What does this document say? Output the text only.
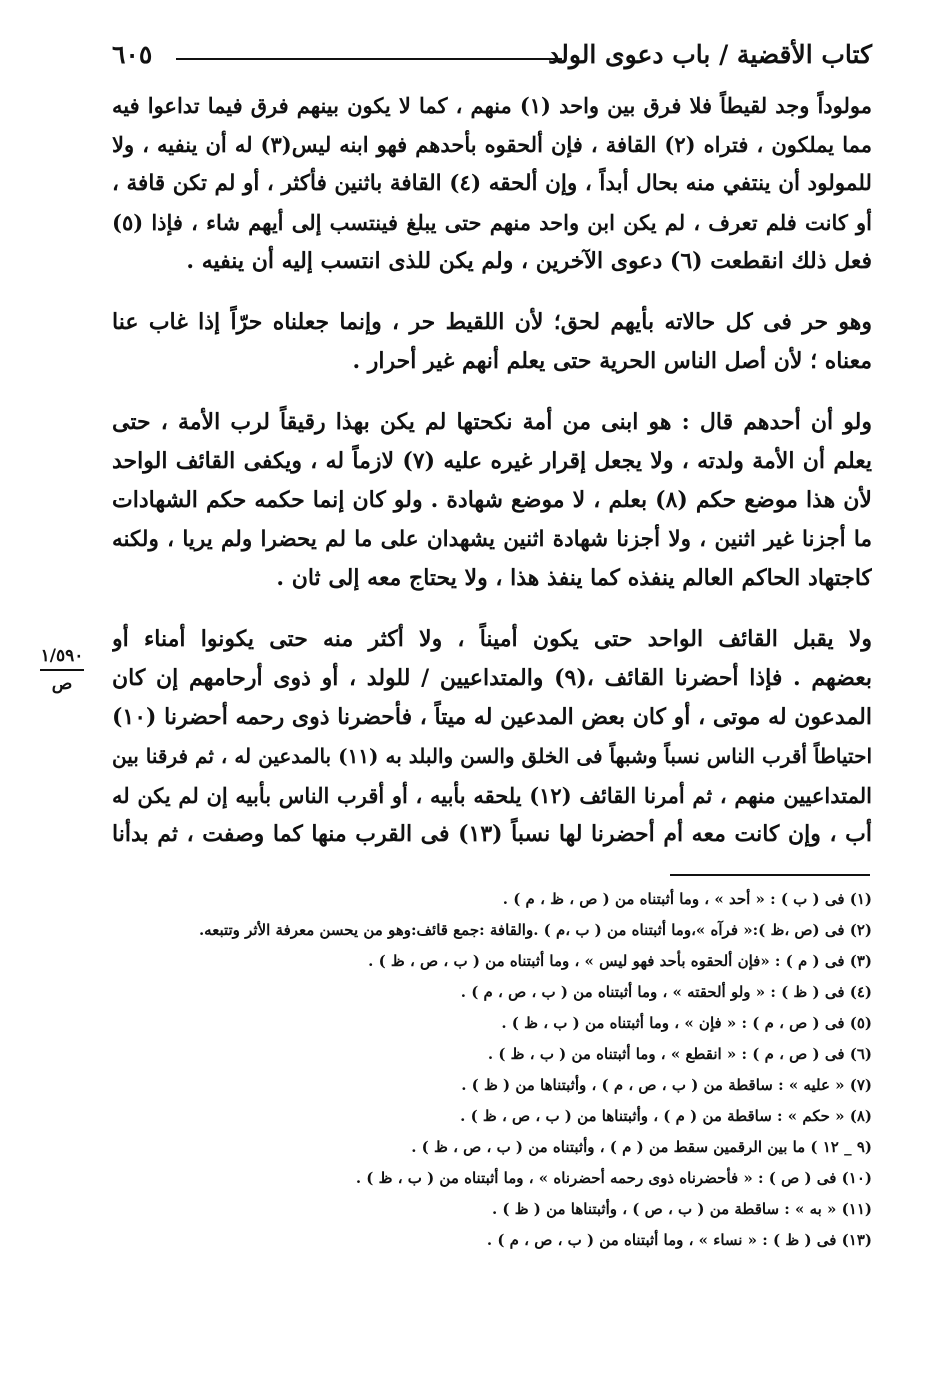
كتاب الأقضية / باب دعوى الولد
٦٠٥

مولوداً وجد لقيطاً فلا فرق بين واحد (١) منهم ، كما لا يكون بينهم فرق فيما تداعوا فيه
مما يملكون ، فتراه (٢) القافة ، فإن ألحقوه بأحدهم فهو ابنه ليس(٣) له أن ينفيه ، ولا
للمولود أن ينتفي منه بحال أبداً ، وإن ألحقه (٤) القافة باثنين فأكثر ، أو لم تكن قافة ،
أو كانت فلم تعرف ، لم يكن ابن واحد منهم حتى يبلغ فينتسب إلى أيهم شاء ، فإذا (٥)
فعل ذلك انقطعت (٦) دعوى الآخرين ، ولم يكن للذى انتسب إليه أن ينفيه .

وهو حر فى كل حالاته بأيهم لحق؛ لأن اللقيط حر ، وإنما جعلناه حرّاً إذا غاب عنا
معناه ؛ لأن أصل الناس الحرية حتى يعلم أنهم غير أحرار .

ولو أن أحدهم قال : هو ابنى من أمة نكحتها لم يكن بهذا رقيقاً لرب الأمة ، حتى
يعلم أن الأمة ولدته ، ولا يجعل إقرار غيره عليه (٧) لازماً له ، ويكفى القائف الواحد
لأن هذا موضع حكم (٨) بعلم ، لا موضع شهادة . ولو كان إنما حكمه حكم الشهادات
ما أجزنا غير اثنين ، ولا أجزنا شهادة اثنين يشهدان على ما لم يحضرا ولم يريا ، ولكنه
كاجتهاد الحاكم العالم ينفذه كما ينفذ هذا ، ولا يحتاج معه إلى ثان .

ولا يقبل القائف الواحد حتى يكون أميناً ، ولا أكثر منه حتى يكونوا أمناء أو
بعضهم . فإذا أحضرنا القائف ،(٩) والمتداعيين / للولد ، أو ذوى أرحامهم إن كان
المدعون له موتى ، أو كان بعض المدعين له ميتاً ، فأحضرنا ذوى رحمه أحضرنا (١٠)
احتياطاً أقرب الناس نسباً وشبهاً فى الخلق والسن والبلد به (١١) بالمدعين له ، ثم فرقنا بين
المتداعيين منهم ، ثم أمرنا القائف (١٢) يلحقه بأبيه ، أو أقرب الناس بأبيه إن لم يكن له
أب ، وإن كانت معه أم أحضرنا لها نسباً (١٣) فى القرب منها كما وصفت ، ثم بدأنا

١/٥٩٠
ص
(١) فى ( ب ) : « أحد » ، وما أثبتناه من ( ص ، ظ ، م ) .
(٢) فى (ص ،ظ ):« فرآه »،وما أثبتناه من ( ب ،م ) .والقافة :جمع قائف:وهو من يحسن معرفة الأثر وتتبعه.
(٣) فى ( م ) : «فإن ألحقوه بأحد فهو ليس » ، وما أثبتناه من ( ب ، ص ، ظ ) .
(٤) فى ( ظ ) : « ولو ألحقته » ، وما أثبتناه من ( ب ، ص ، م ) .
(٥) فى ( ص ، م ) : « فإن » ، وما أثبتناه من ( ب ، ظ ) .
(٦) فى ( ص ، م ) : « انقطع » ، وما أثبتناه من ( ب ، ظ ) .
(٧) « عليه » : ساقطة من ( ب ، ص ، م ) ، وأثبتناها من ( ظ ) .
(٨) « حكم » : ساقطة من ( م ) ، وأثبتناها من ( ب ، ص ، ظ ) .
(٩ _ ١٢ ) ما بين الرقمين سقط من ( م ) ، وأثبتناه من ( ب ، ص ، ظ ) .
(١٠) فى ( ص ) : « فأحضرناه ذوى رحمه أحضرناه » ، وما أثبتناه من ( ب ، ظ ) .
(١١) « به » : ساقطة من ( ب ، ص ) ، وأثبتناها من ( ظ ) .
(١٣) فى ( ظ ) : « نساء » ، وما أثبتناه من ( ب ، ص ، م ) .
